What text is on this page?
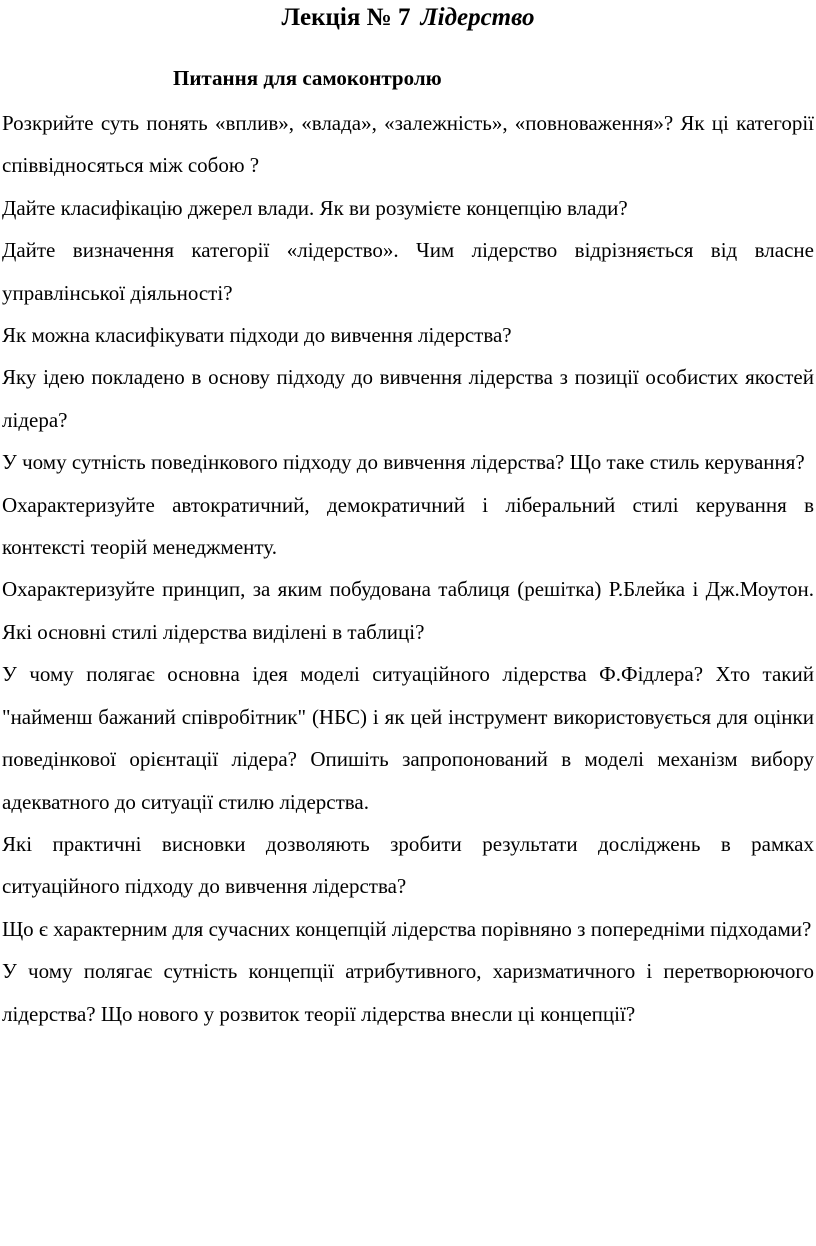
Лекція № 7 Лідерство
Питання для самоконтролю
Розкрийте суть понять «вплив», «влада», «залежність», «повноваження»? Як ці категорії співвідносяться між собою ?
Дайте класифікацію джерел влади. Як ви розумієте концепцію влади?
Дайте визначення категорії «лідерство». Чим лідерство відрізняється від власне управлінської діяльності?
Як можна класифікувати підходи до вивчення лідерства?
Яку ідею покладено в основу підходу до вивчення лідерства з позиції особистих якостей лідера?
У чому сутність поведінкового підходу до вивчення лідерства? Що таке стиль керування?
Охарактеризуйте автократичний, демократичний і ліберальний стилі керування в контексті теорій менеджменту.
Охарактеризуйте принцип, за яким побудована таблиця (решітка) Р.Блейка і Дж.Моутон. Які основні стилі лідерства виділені в таблиці?
У чому полягає основна ідея моделі ситуаційного лідерства Ф.Фідлера? Хто такий "найменш бажаний співробітник" (НБС) і як цей інструмент використовується для оцінки поведінкової орієнтації лідера? Опишіть запропонований в моделі механізм вибору адекватного до ситуації стилю лідерства.
Які практичні висновки дозволяють зробити результати досліджень в рамках ситуаційного підходу до вивчення лідерства?
Що є характерним для сучасних концепцій лідерства порівняно з попередніми підходами?
У чому полягає сутність концепції атрибутивного, харизматичного і перетворюючого лідерства? Що нового у розвиток теорії лідерства внесли ці концепції?
